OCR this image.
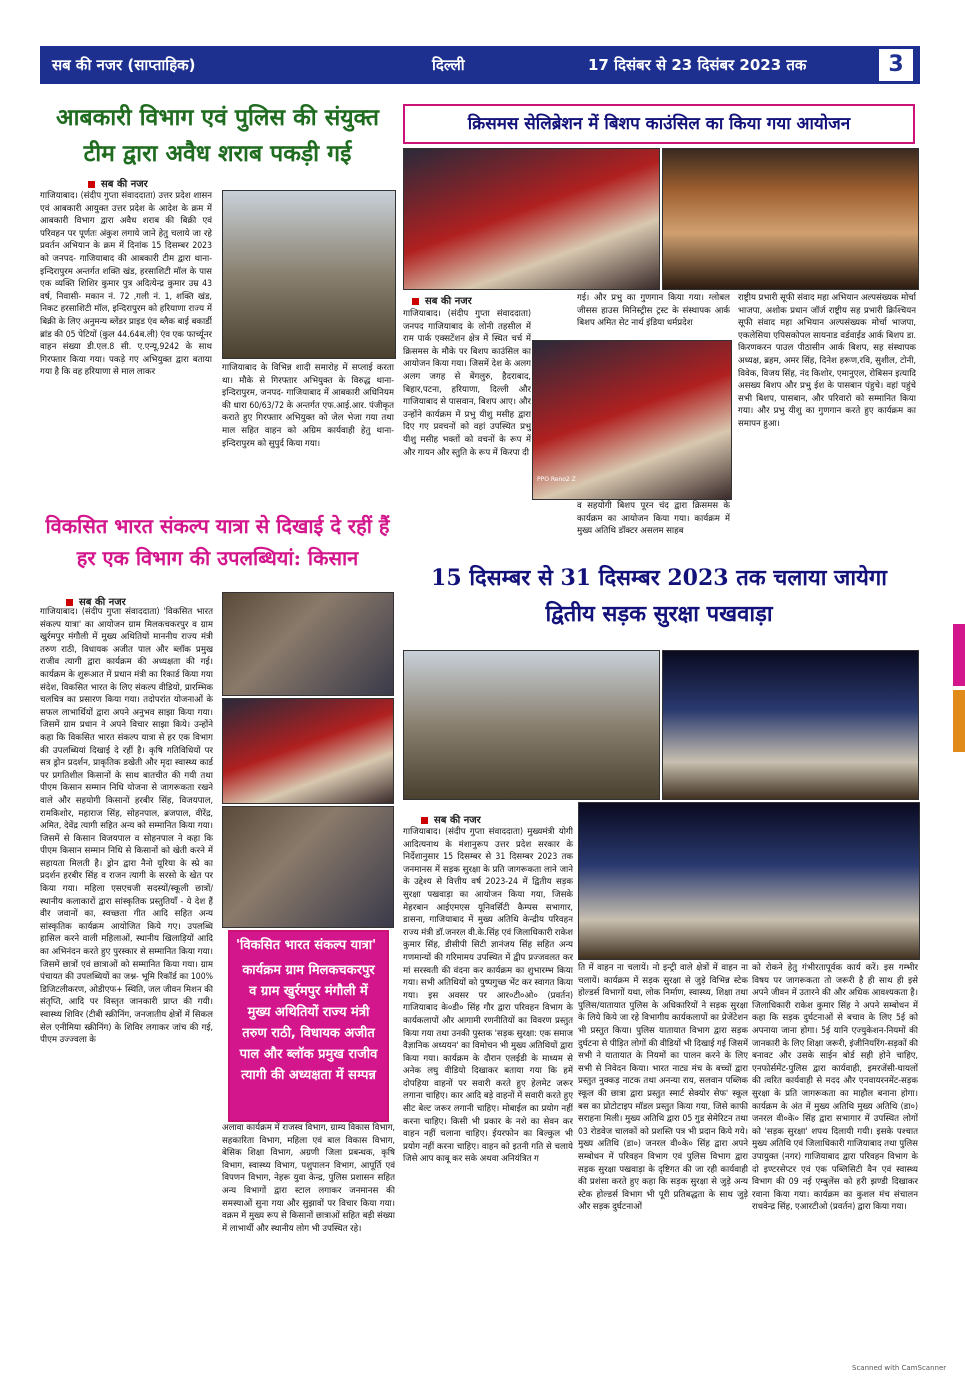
सब की नजर (साप्ताहिक)	दिल्ली	17 दिसंबर से 23 दिसंबर 2023 तक	3
आबकारी विभाग एवं पुलिस की संयुक्त टीम द्वारा अवैध शराब पकड़ी गई
सब की नजर
गाजियाबाद। (संदीप गुप्ता संवाददाता) उत्तर प्रदेश शासन एवं आबकारी आयुक्त उत्तर प्रदेश के आदेश के क्रम में आबकारी विभाग द्वारा अवैध शराब की बिक्री एवं परिवहन पर पूर्णतः अंकुश लगाये जाने हेतु चलाये जा रहे प्रवर्तन अभियान के क्रम में दिनांक 15 दिसम्बर 2023 को जनपद- गाजियाबाद की आबकारी टीम द्वारा थाना-इन्दिरापुरम अन्तर्गत शक्ति खंड, हरसाशिटी मॉल के पास एक व्यक्ति शिशिर कुमार पुत्र अदित्येन्द्र कुमार उम्र 43 वर्ष, निवासी- मकान नं. 72 ,गली नं. 1, शक्ति खंड, निकट हरसाशिटी मॉल, इन्दिरापुरम को हरियाणा राज्य में बिक्री के लिए अनुमन्य ब्लेंडर प्राइड एंव ब्लैक बाई बकार्डी ब्रांड की 05 पेटियों (कुल 44.64ब.ली) एंव एक फार्च्यूनर वाहन संख्या डी.एल.8 सी. ए.एन्यू.9242 के साथ गिरफ्तार किया गया। पकड़े गए अभियुक्त द्वारा बताया गया है कि वह हरियाणा से माल लाकर	गाजियाबाद के विभिन्न शादी समारोह में सप्लाई करता था। मौके से गिरफ्तार अभियुक्त के विरुद्ध थाना-इन्दिरापुरम, जनपद- गाजियाबाद में आबकारी अधिनियम की धारा 60/63/72 के अन्तर्गत एफ.आई.आर. पंजीकृत कराते हुए गिरफ्तार अभियुक्त को जेल भेजा गया तथा माल सहित वाहन को अग्रिम कार्यवाही हेतु थाना-इन्दिरापुरम को सुपुर्द किया गया।
क्रिसमस सेलिब्रेशन में बिशप काउंसिल का किया गया आयोजन
सब की नजर
गाजियाबाद। (संदीप गुप्ता संवाददाता) जनपद गाजियाबाद के लोनी तहसील में राम पार्क एक्सटेंशन क्षेत्र में स्थित चर्च में क्रिसमस के मौके पर बिशप काउंसिल का आयोजन किया गया। जिसमें देश के अलग अलग जगह से बेंगलुरु, हैदराबाद, बिहार,पटना, हरियाणा, दिल्ली और गाजियाबाद से पासवान, बिशप आए। और उन्होंने कार्यक्रम में प्रभु यीशु मसीह द्वारा दिए गए प्रवचनों को वहां उपस्थित प्रभु यीशु मसीह भक्तों को वचनों के रूप में और गायन और स्तुति के रूप में किरपा दी
गई। और प्रभु का गुणगान किया गया। ग्लोबल जीसस हाउस मिनिस्ट्रीस ट्रस्ट के संस्थापक आर्क बिशप अमित सेट नार्थ इंडिया धर्मप्रदेश
PPO Reno2 Z
व सहयोगी बिशप पूरन चंद द्वारा क्रिसमस के कार्यक्रम का आयोजन किया गया। कार्यक्रम में मुख्य अतिथि डॉक्टर असलम साहब
राष्ट्रीय प्रभारी सूफी संवाद महा अभियान अल्पसंख्यक मोर्चा भाजपा, अशोक प्रधान जॉर्ज राष्ट्रीय सह प्रभारी क्रिश्चियन सूफी संवाद महा अभियान अल्पसंख्यक मोर्चा भाजपा, एकलेसिया एपिसकोपल सायनाड वर्डवाईड आर्क बिशप डा. किरणकरन पाउल पीठासीन आर्क बिशप, सह संस्थापक अध्यक्ष, ब्रहम, अमर सिंह, दिनेश हरूण,रवि, सुशील, टोनी, विवेक, विजय सिंह, नंद किशोर, एमानुएल, रोबिसन इत्यादि असख्य बिशप और प्रभु ईश के पासबान पंहुचे। वहां पहुंचे सभी बिशप, पासबान, और परिवारो को सम्मानित किया गया। और प्रभु यीशु का गुणगान करते हुए कार्यक्रम का समापन हुआ।
विकसित भारत संकल्प यात्रा से दिखाई दे रहीं हैं हर एक विभाग की उपलब्धियां: किसान
सब की नजर
गाजियाबाद। (संदीप गुप्ता संवाददाता) 'विकसित भारत संकल्प यात्रा' का आयोजन ग्राम मिलकचकरपुर व ग्राम खुर्रमपुर मंगौली में मुख्य अथितियों माननीय राज्य मंत्री तरुण राठी, विधायक अजीत पाल और ब्लॉक प्रमुख राजीव त्यागी द्वारा कार्यक्रम की अध्यक्षता की गई। कार्यक्रम के शुरूआत में प्रधान मंत्री का रिकार्ड किया गया संदेश, विकसित भारत के लिए संकल्प वीडियो, प्रारम्भिक चलचित्र का प्रसारण किया गया। तदोपरांत योजनाओं के सफल लाभार्थियों द्वारा अपने अनुभव साझा किया गया। जिसमें ग्राम प्रधान ने अपने विचार साझा किये। उन्होंने कहा कि विकसित भारत संकल्प यात्रा से हर एक विभाग की उपलब्धियां दिखाई दे रहीं है। कृषि गतिविधियों पर सत्र ड्रोन प्रदर्शन, प्राकृतिक डखेती और मृदा स्वास्थ्य कार्ड पर प्रगतिशील किसानों के साथ बातचीत की गयी तथा पीएम किसान सम्मान निधि योजना से जागरूकता रखने वाले और सहयोगी किसानों हरबीर सिंह, विजयपाल, रामकिशोर, महाराज सिंह, सोहनपाल, ब्रजपाल, वीरेंद्र, अमित, देवेंद्र त्यागी सहित अन्य को सम्मानित किया गया। जिसमें से किसान विजयपाल व सोहनपाल ने कहा कि पीएम किसान सम्मान निधि से किसानों को खेती करने में सहायता मिलती है। ड्रोन द्वारा नैनो यूरिया के स्प्रे का प्रदर्शन हरबीर सिंह व राजन त्यागी के सरसो के खेत पर किया गया। महिला एसएचजी सदस्यों/स्कूली छात्रों/स्थानीय कलाकारों द्वारा सांस्कृतिक प्रस्तुतियाँ - ये देश हैं वीर जवानों का, स्वच्छता गीत आदि सहित अन्य सांस्कृतिक कार्यक्रम आयोजित किये गए। उपलब्धि हासिल करने वाली महिलाओं, स्थानीय खिलाड़ियों आदि का अभिनंदन करते हुए पुरस्कार से सम्मानित किया गया। जिसमें छात्रों एवं छात्राओं को सम्मानित किया गया। ग्राम पंचायत की उपलब्धियों का जश्न- भूमि रिकॉर्ड का 100% डिजिटलीकरण, ओडीएफ+ स्थिति, जल जीवन मिशन की संतृप्ति, आदि पर विस्तृत जानकारी प्राप्त की गयी। स्वास्थ्य शिविर (टीबी स्क्रीनिंग, जनजातीय क्षेत्रों में सिकल सेल एनीमिया स्क्रीनिंग) के शिविर लगाकर जांच की गई, पीएम उज्ज्वला के
'विकसित भारत संकल्प यात्रा'
कार्यक्रम ग्राम मिलकचकरपुर व ग्राम खुर्रमपुर मंगौली में मुख्य अथितियों राज्य मंत्री तरुण राठी, विधायक अजीत पाल और ब्लॉक प्रमुख राजीव त्यागी की अध्यक्षता में सम्पन्न
अलावा कार्यक्रम में राजस्व विभाग, ग्राम्य विकास विभाग, सहकारिता विभाग, महिला एवं बाल विकास विभाग, बेसिक शिक्षा विभाग, अग्रणी जिला प्रबन्धक, कृषि विभाग, स्वास्थ्य विभाग, पशुपालन विभाग, आपूर्ति एवं विपणन विभाग, नेहरू युवा केन्द्र, पुलिस प्रशासन सहित अन्य विभागों द्वारा स्टाल लगाकर जनमानस की समस्याओं सुना गया और सुझावों पर विचार किया गया। वक्रम में मुख्य रूप से किसानों छात्राओं सहित बड़ी संख्या में लाभार्थी और स्थानीय लोग भी उपस्थित रहे।
15 दिसम्बर से 31 दिसम्बर 2023 तक चलाया जायेगा द्वितीय सड़क सुरक्षा पखवाड़ा
सब की नजर
गाजियाबाद। (संदीप गुप्ता संवाददाता) मुख्यमंत्री योगी आदित्यनाथ के मंशानुरूप उत्तर प्रदेश सरकार के निर्देशानुसार 15 दिसम्बर से 31 दिसम्बर 2023 तक जनमानस में सड़क सुरक्षा के प्रति जागरूकता लाने जाने के उद्देश्य से वित्तीय वर्ष 2023-24 में द्वितीय सड़क सुरक्षा पखवाड़ा का आयोजन किया गया, जिसके मेहरबान आईएमएस यूनिवर्सिटी कैम्पस सभागार, डासना, गाजियाबाद में मुख्य अतिथि केन्द्रीय परिवहन राज्य मंत्री डॉ.जनरल वी.के.सिंह एवं जिलाधिकारी राकेश कुमार सिंह, डीसीपी सिटी ज्ञानंजय सिंह सहित अन्य गणमान्यों की गरिमामय उपस्थित में द्वीप प्रज्जवलत कर मां सरस्वती की वंदना कर कार्यक्रम का शुभारम्भ किया गया। सभी अतिथियों को पुष्पगुच्छ भेंट कर स्वागत किया गया। इस अवसर पर आर०टी०ओ० (प्रवर्तन) गाजियाबाद के०डी० सिंह गौर द्वारा परिवहन विभाग के कार्यकलापों और आगामी रणनीतियों का विवरण प्रस्तुत किया गया तथा उनकी पुस्तक 'सड़क सुरक्षा: एक समाज वैज्ञानिक अध्ययन' का विमोचन भी मुख्य अतिथियों द्वारा किया गया। कार्यक्रम के दौरान एलईडी के माध्यम से अनेक लघु वीडियो दिखाकर बताया गया कि हमें दोपहिया वाहनों पर सवारी करते हुए हेलमेट जरूर लगाना चाहिए। कार आदि बड़े वाहनों में सवारी करते हुए सीट बेल्ट जरूर लगानी चाहिए। मोबाईल का प्रयोग नहीं करना चाहिए। किसी भी प्रकार के नशे का सेवन कर वाहन नहीं चलाना चाहिए। ईयरफोन का बिल्कुल भी प्रयोग नहीं करना चाहिए। वाहन को इतनी गति से चलाये जिसे आप काबू कर सके अथवा अनियंत्रित ग
ति में वाहन ना चलायें। नो इन्ट्री वाले क्षेत्रों में वाहन ना चलायें। कार्यक्रम में सड़क सुरक्षा से जुड़े विभिन्न स्टेक होल्डर्स विभागों यथा, लोक निर्माण, स्वास्थ्य, शिक्षा तथा पुलिस/यातायात पुलिस के अधिकारियों ने सड़क सुरक्षा के लिये किये जा रहे विभागीय कार्यकलापों का प्रेजेंटेशन भी प्रस्तुत किया। पुलिस यातायात विभाग द्वारा सड़क दुर्घटना से पीड़ित लोगों की वीडियों भी दिखाई गई जिसमें सभी ने यातायात के नियमों का पालन करने के लिए सभी से निवेदन किया। भारत नाट्य मंच के बच्चों द्वारा प्रस्तुत नुक्कड़ नाटक तथा अनन्या राय, सलवान पब्लिक स्कूल की छात्रा द्वारा प्रस्तुत स्मार्ट सेक्योर सेफ' स्कूल बस का प्रोटोटाइप मॉडल प्रस्तुत किया गया, जिसे काफी सराहना मिली। मुख्य अतिथि द्वारा 05 गुड सेमेरिटन तथा 03 रोडवेज चालकों को प्रशस्ति पत्र भी प्रदान किये गये। मुख्य अतिथि (डा०) जनरल वी०के० सिंह द्वारा अपने सम्बोधन में परिवहन विभाग एवं पुलिस विभाग द्वारा सड़क सुरक्षा पखवाड़ा के दृष्टिगत की जा रही कार्यवाही की प्रशंसा करते हुए कहा कि सड़क सुरक्षा से जुड़े अन्य स्टेक होल्डर्स विभाग भी पूरी प्रतिबद्धता के साथ जुड़े और सड़क दुर्घटनाओं
को रोकने हेतु गंभीरतापूर्वक कार्य करें। इस गम्भीर विषय पर जागरूकता तो जरूरी है ही साथ ही इसे अपने जीवन में उतारने की और अधिक आवश्यकता है। जिलाधिकारी राकेश कुमार सिंह ने अपने सम्बोधन में कहा कि सड़क दुर्घटनाओं से बचाव के लिए 5ई को अपनाया जाना होगा। 5ई यानि एज्युकेशन-नियमों की जानकारी के लिए शिक्षा जरूरी, इंजीनियरिंग-सड़कों की बनावट और उसके साईन बोर्ड सही होने चाहिए, एनफोर्समेंट-पुलिस द्वारा कार्यवाही, इमरजेंसी-घायलों की त्वरित कार्यवाही से मदद और एनवायरनमेंट-सड़क सुरक्षा के प्रति जागरूकता का माहौल बनाना होगा। कार्यक्रम के अंत में मुख्य अतिथि मुख्य अतिथि (डा०) जनरल वी०के० सिंह द्वारा सभागार में उपस्थित लोगों को 'सड़क सुरक्षा' शपथ दिलायी गयी। इसके पश्चात मुख्य अतिथि एवं जिलाधिकारी गाजियाबाद तथा पुलिस उपायुक्त (नगर) गाजियाबाद द्वारा परिवहन विभाग के दो इण्टरसेप्टर एवं एक पब्लिसिटी वैन एवं स्वास्थ्य विभाग की 09 नई एम्बुलेंस को हरी झण्डी दिखाकर रवाना किया गया। कार्यक्रम का कुशल मंच संचालन राधवेन्द्र सिंह, एआरटीओ (प्रवर्तन) द्वारा किया गया।
Scanned with CamScanner
